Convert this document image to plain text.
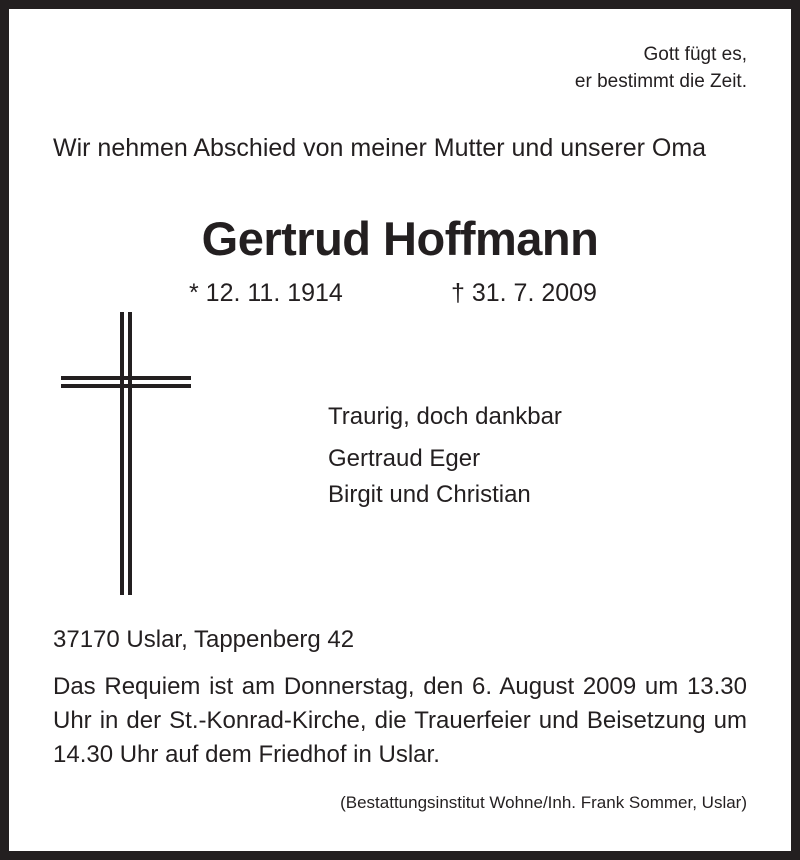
Gott fügt es,
er bestimmt die Zeit.

Wir nehmen Abschied von meiner Mutter und unserer Oma

Gertrud Hoffmann
* 12. 11. 1914	† 31. 7. 2009
Traurig, doch dankbar
Gertraud Eger
Birgit und Christian
37170 Uslar, Tappenberg 42

Das Requiem ist am Donnerstag, den 6. August 2009 um 13.30 Uhr in der St.-Konrad-Kirche, die Trauerfeier und Beisetzung um 14.30 Uhr auf dem Friedhof in Uslar.

(Bestattungsinstitut Wohne/Inh. Frank Sommer, Uslar)
